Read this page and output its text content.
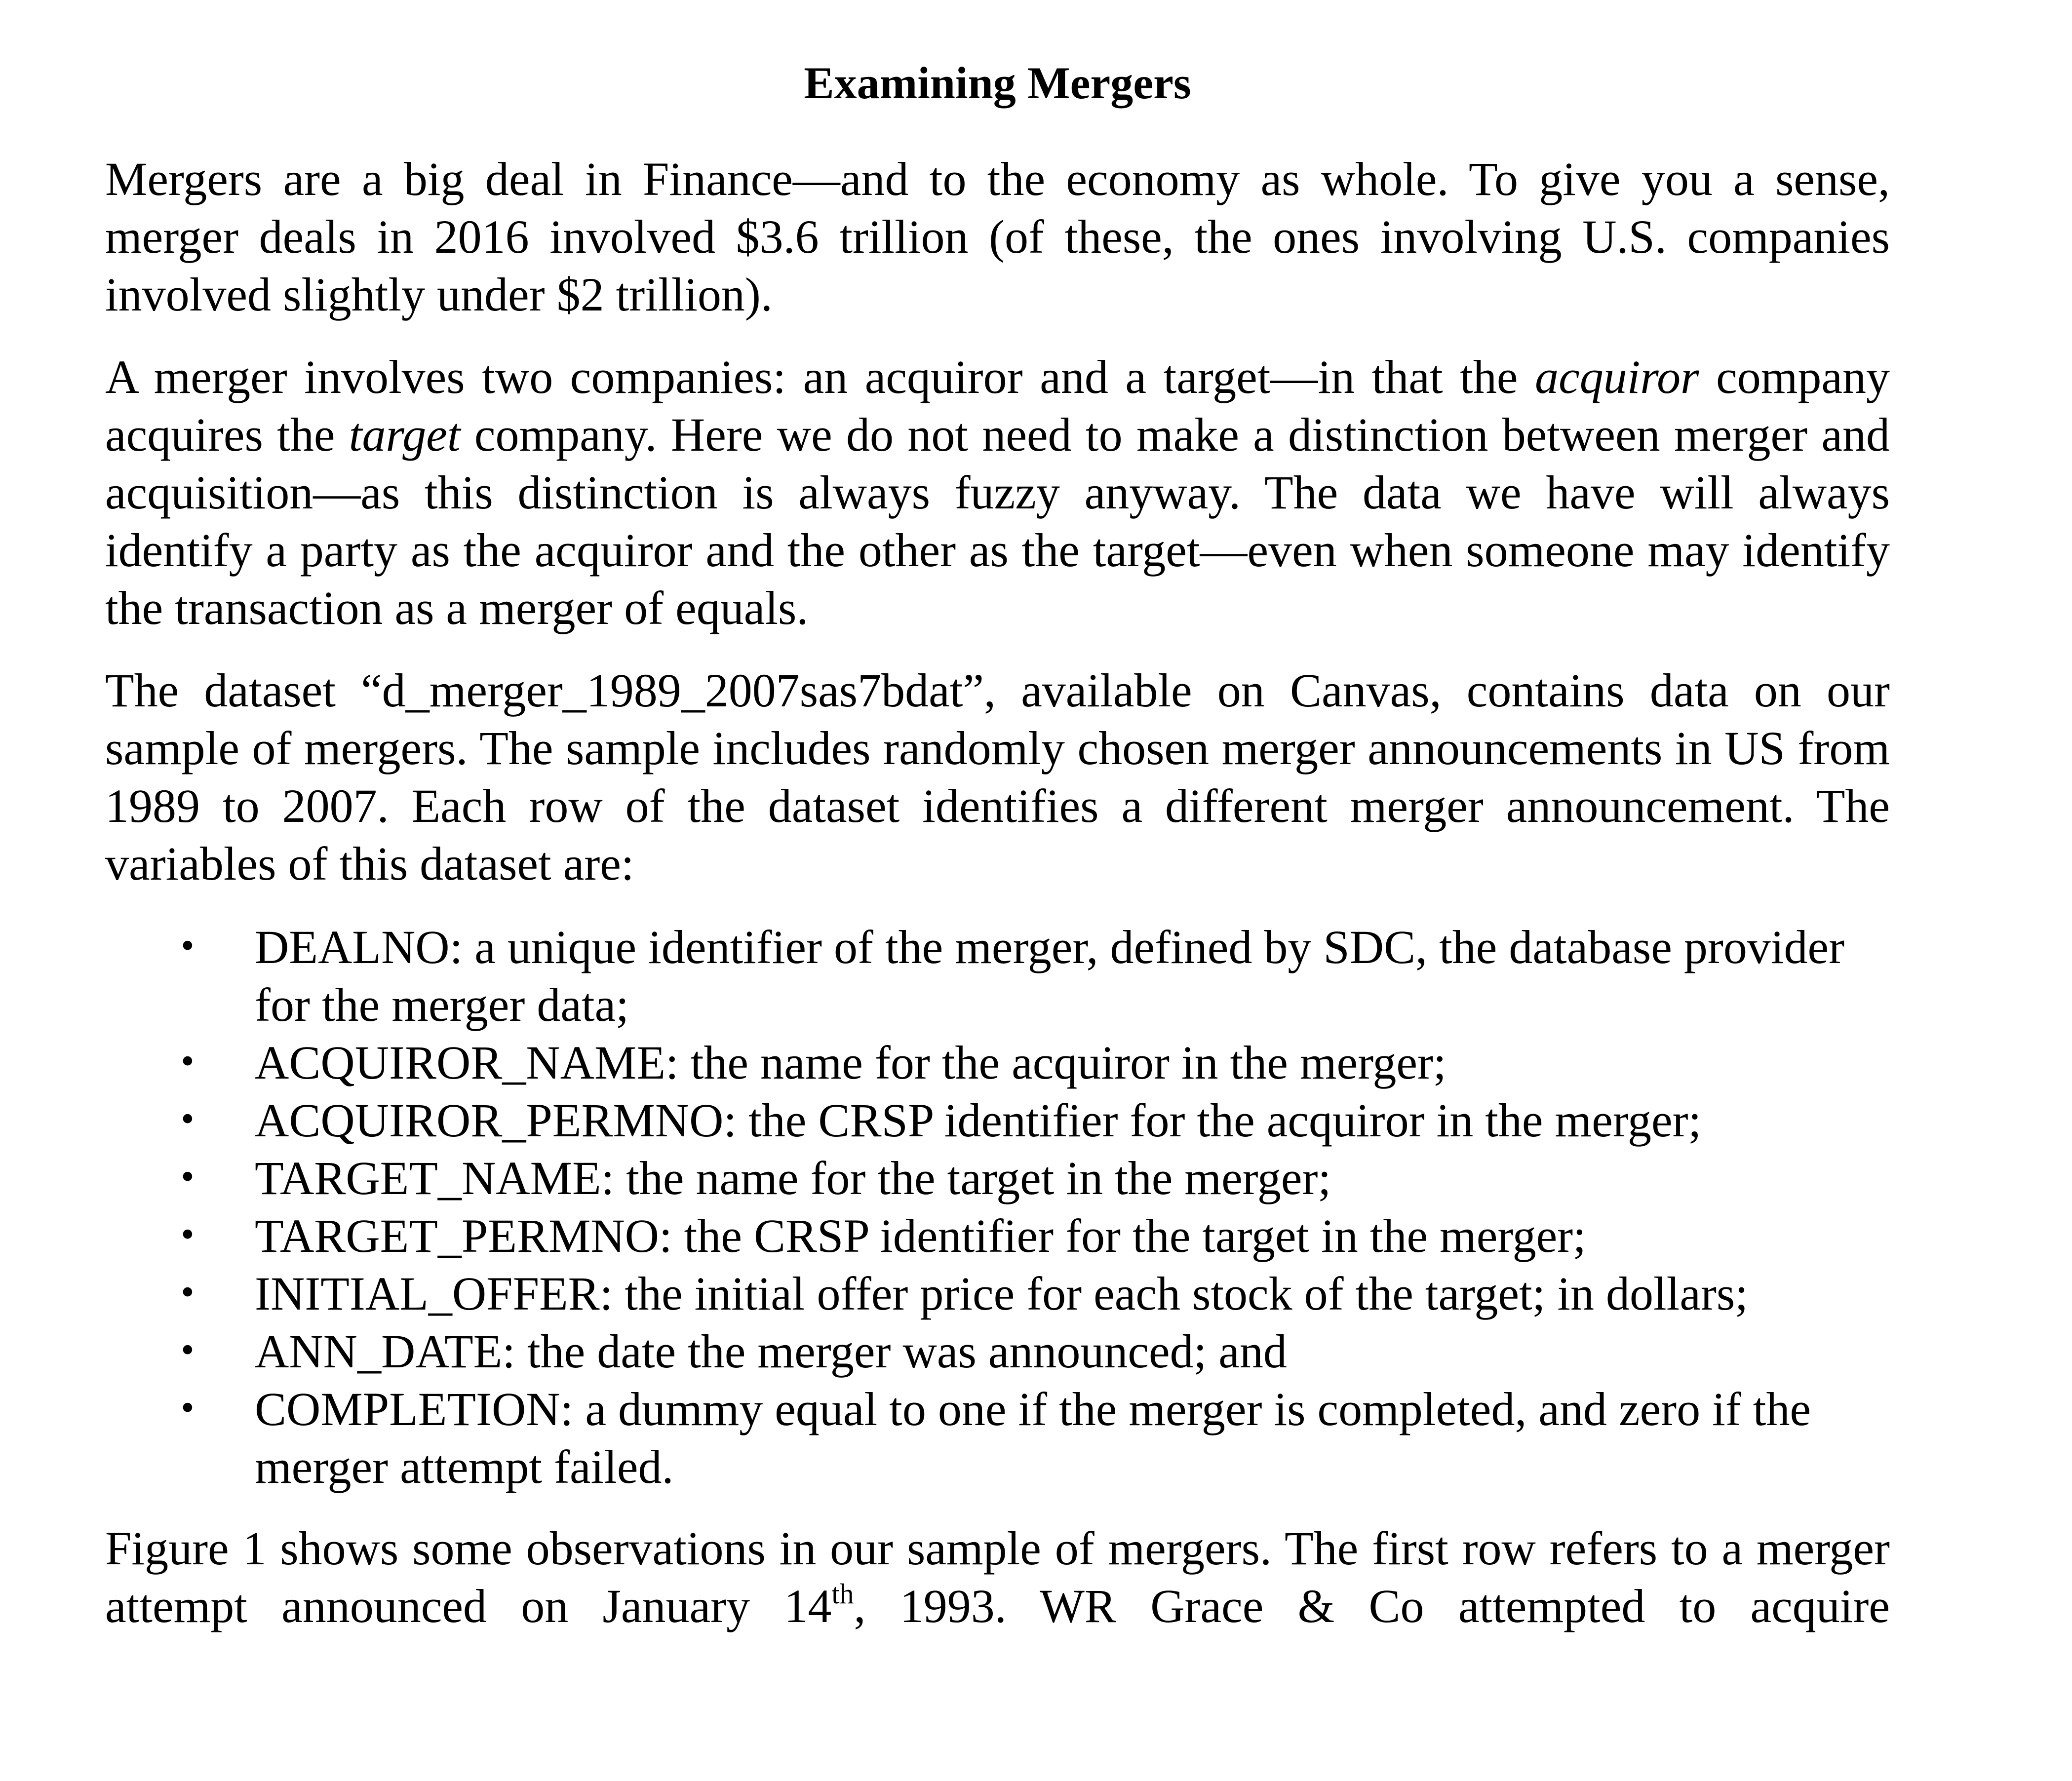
Examining Mergers

Mergers are a big deal in Finance—and to the economy as whole. To give you a sense, merger deals in 2016 involved $3.6 trillion (of these, the ones involving U.S. companies involved slightly under $2 trillion).

A merger involves two companies: an acquiror and a target—in that the acquiror company acquires the target company. Here we do not need to make a distinction between merger and acquisition—as this distinction is always fuzzy anyway. The data we have will always identify a party as the acquiror and the other as the target—even when someone may identify the transaction as a merger of equals.

The dataset “d_merger_1989_2007sas7bdat”, available on Canvas, contains data on our sample of mergers. The sample includes randomly chosen merger announcements in US from 1989 to 2007. Each row of the dataset identifies a different merger announcement. The variables of this dataset are:

• DEALNO: a unique identifier of the merger, defined by SDC, the database provider for the merger data;
• ACQUIROR_NAME: the name for the acquiror in the merger;
• ACQUIROR_PERMNO: the CRSP identifier for the acquiror in the merger;
• TARGET_NAME: the name for the target in the merger;
• TARGET_PERMNO: the CRSP identifier for the target in the merger;
• INITIAL_OFFER: the initial offer price for each stock of the target; in dollars;
• ANN_DATE: the date the merger was announced; and
• COMPLETION: a dummy equal to one if the merger is completed, and zero if the merger attempt failed.

Figure 1 shows some observations in our sample of mergers. The first row refers to a merger attempt announced on January 14th, 1993. WR Grace & Co attempted to acquire
